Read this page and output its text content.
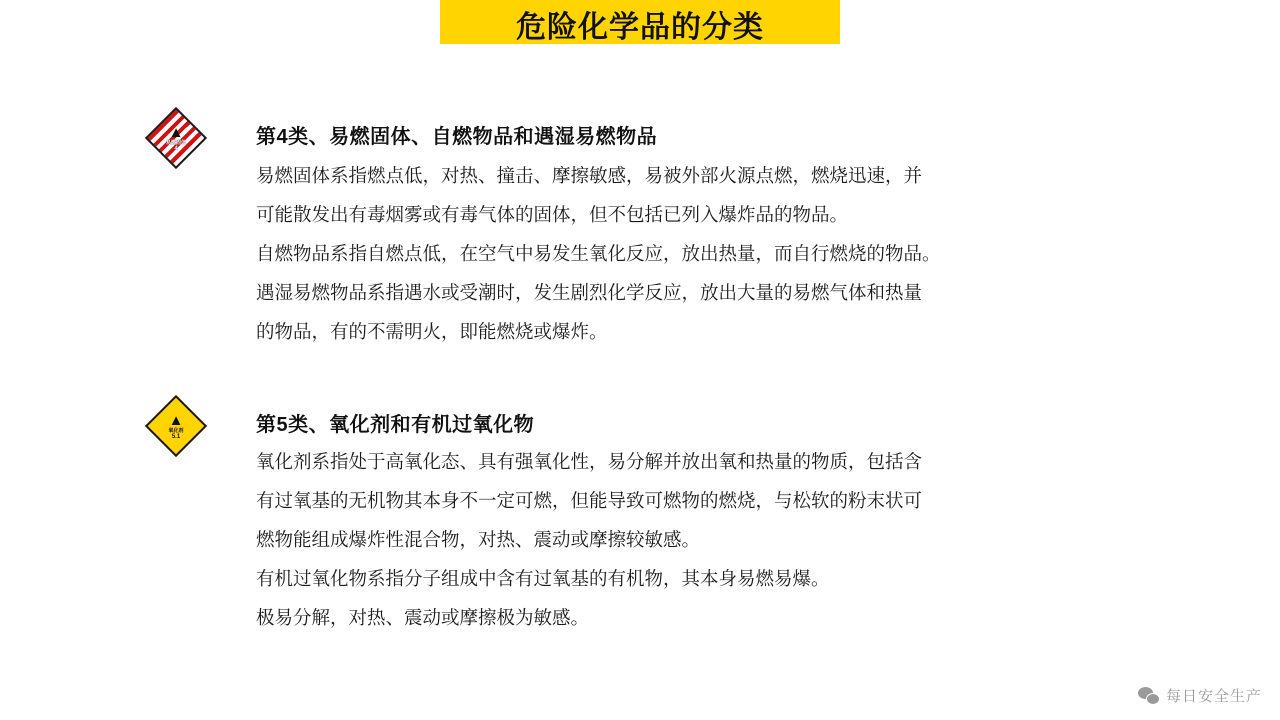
危险化学品的分类
▲
易燃固体
4
第4类、易燃固体、自燃物品和遇湿易燃物品

易燃固体系指燃点低，对热、撞击、摩擦敏感，易被外部火源点燃，燃烧迅速，并

可能散发出有毒烟雾或有毒气体的固体，但不包括已列入爆炸品的物品。

自燃物品系指自燃点低，在空气中易发生氧化反应，放出热量，而自行燃烧的物品。

遇湿易燃物品系指遇水或受潮时，发生剧烈化学反应，放出大量的易燃气体和热量

的物品，有的不需明火，即能燃烧或爆炸。

▲
氧化剂
5.1
第5类、氧化剂和有机过氧化物

氧化剂系指处于高氧化态、具有强氧化性，易分解并放出氧和热量的物质，包括含

有过氧基的无机物其本身不一定可燃，但能导致可燃物的燃烧，与松软的粉末状可

燃物能组成爆炸性混合物，对热、震动或摩擦较敏感。

有机过氧化物系指分子组成中含有过氧基的有机物，其本身易燃易爆。

极易分解，对热、震动或摩擦极为敏感。

每日安全生产
